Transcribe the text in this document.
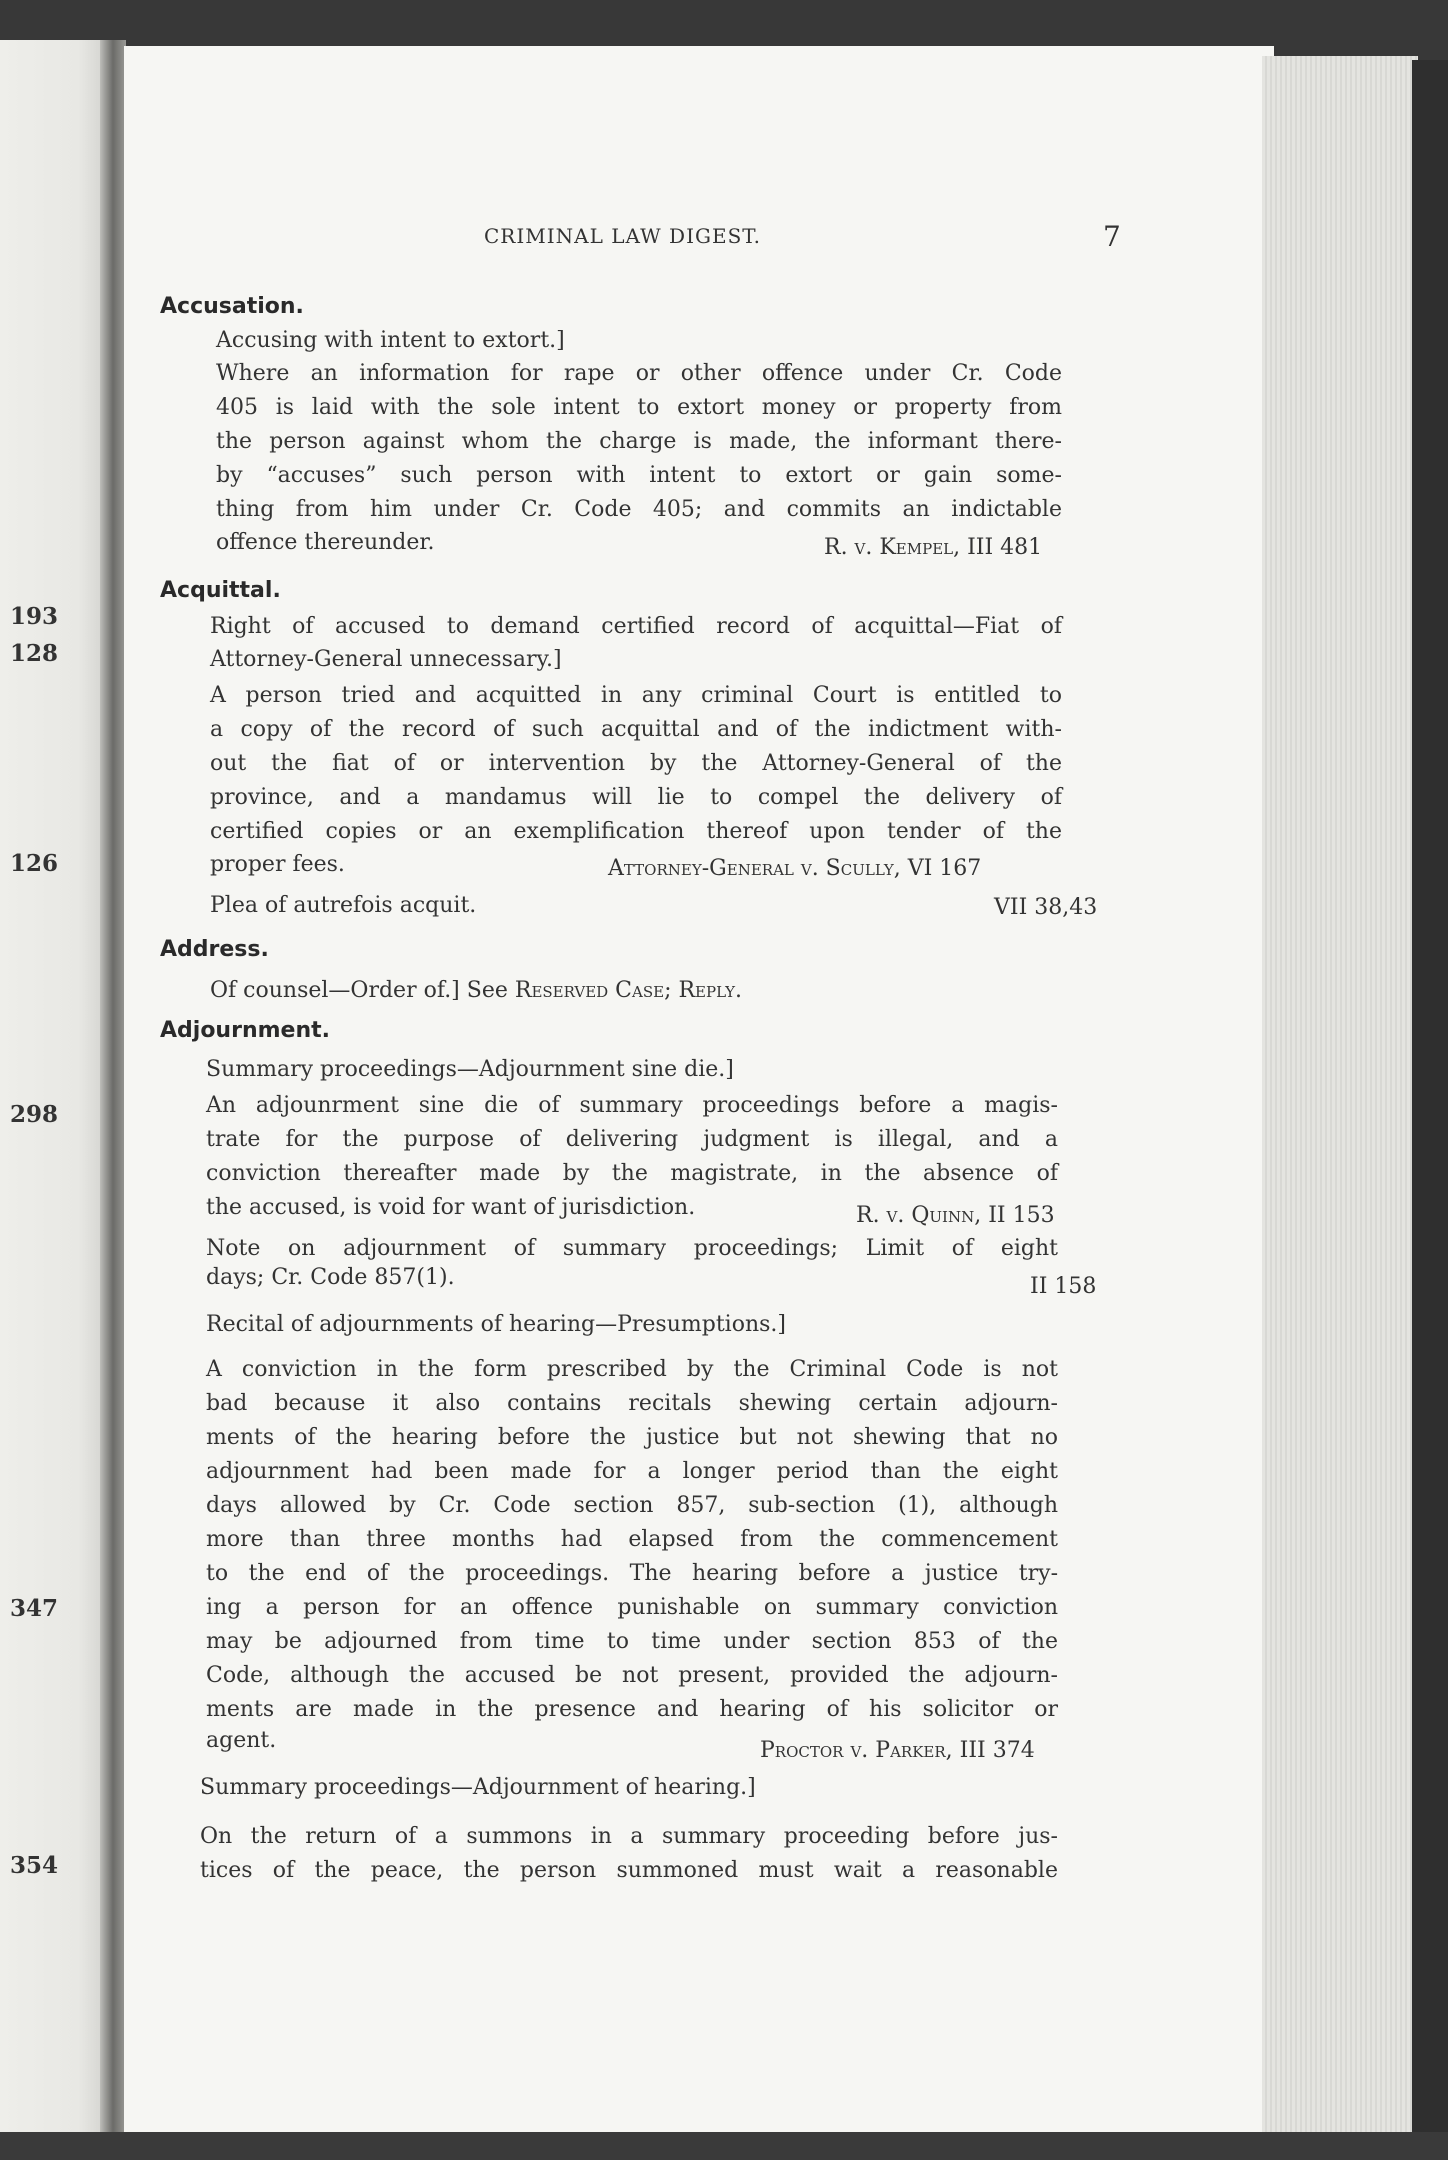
193
128
126
298
347
354
CRIMINAL LAW DIGEST.	7
Accusation.
Accusing with intent to extort.]
Where an information for rape or other offence under Cr. Code
405 is laid with the sole intent to extort money or property from
the person against whom the charge is made, the informant there-
by “accuses” such person with intent to extort or gain some-
thing from him under Cr. Code 405; and commits an indictable
offence thereunder.	R. v. Kempel, III 481
Acquittal.
Right of accused to demand certified record of acquittal—Fiat of
Attorney-General unnecessary.]
A person tried and acquitted in any criminal Court is entitled to
a copy of the record of such acquittal and of the indictment with-
out the fiat of or intervention by the Attorney-General of the
province, and a mandamus will lie to compel the delivery of
certified copies or an exemplification thereof upon tender of the
proper fees.	Attorney-General v. Scully, VI 167
Plea of autrefois acquit.	VII 38,43
Address.
Of counsel—Order of.] See Reserved Case; Reply.
Adjournment.
Summary proceedings—Adjournment sine die.]
An adjounrment sine die of summary proceedings before a magis-
trate for the purpose of delivering judgment is illegal, and a
conviction thereafter made by the magistrate, in the absence of
the accused, is void for want of jurisdiction.	R. v. Quinn, II 153
Note on adjournment of summary proceedings; Limit of eight
days; Cr. Code 857(1).	II 158
Recital of adjournments of hearing—Presumptions.]
A conviction in the form prescribed by the Criminal Code is not
bad because it also contains recitals shewing certain adjourn-
ments of the hearing before the justice but not shewing that no
adjournment had been made for a longer period than the eight
days allowed by Cr. Code section 857, sub-section (1), although
more than three months had elapsed from the commencement
to the end of the proceedings. The hearing before a justice try-
ing a person for an offence punishable on summary conviction
may be adjourned from time to time under section 853 of the
Code, although the accused be not present, provided the adjourn-
ments are made in the presence and hearing of his solicitor or
agent.	Proctor v. Parker, III 374
Summary proceedings—Adjournment of hearing.]
On the return of a summons in a summary proceeding before jus-
tices of the peace, the person summoned must wait a reasonable
